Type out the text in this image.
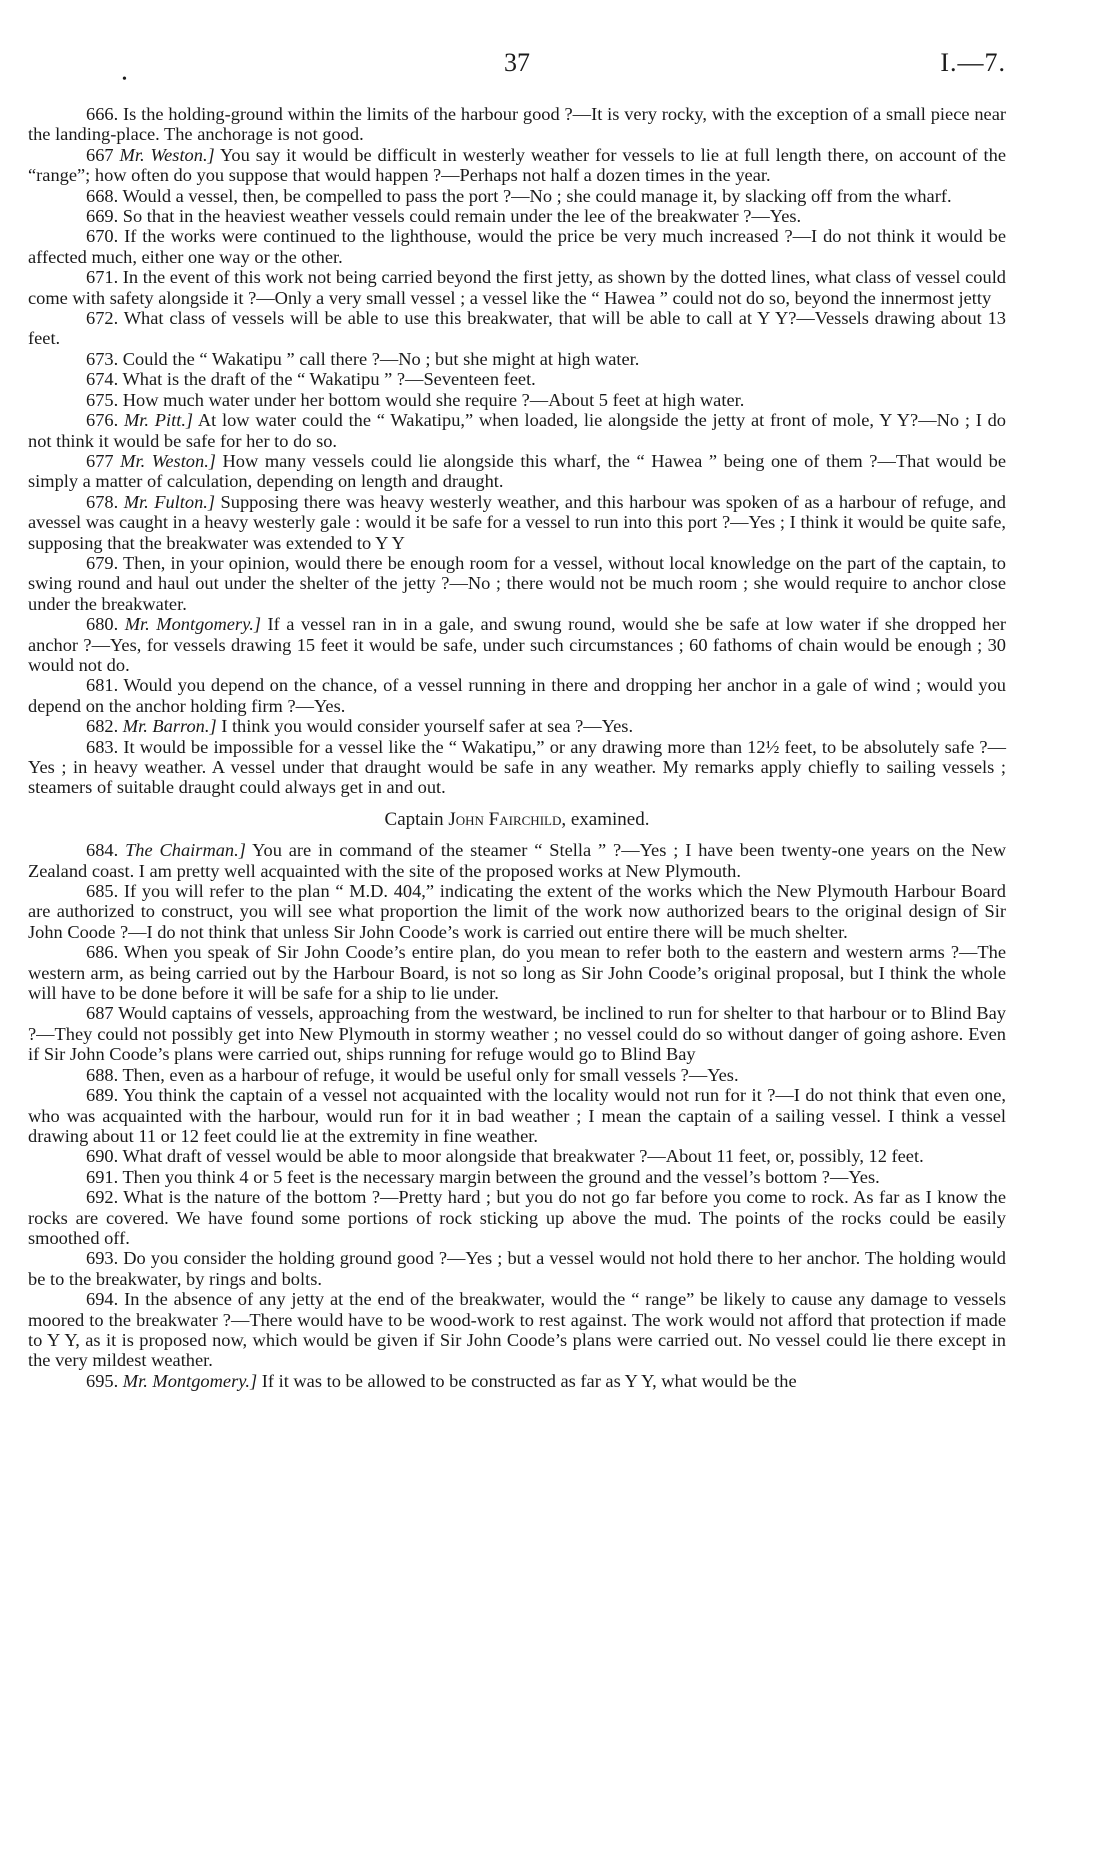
•
37	I.—7.

666. Is the holding-ground within the limits of the harbour good ?—It is very rocky, with the exception of a small piece near the landing-place. The anchorage is not good.

667 Mr. Weston.] You say it would be difficult in westerly weather for vessels to lie at full length there, on account of the “range”; how often do you suppose that would happen ?—Perhaps not half a dozen times in the year.

668. Would a vessel, then, be compelled to pass the port ?—No ; she could manage it, by slacking off from the wharf.

669. So that in the heaviest weather vessels could remain under the lee of the breakwater ?—Yes.

670. If the works were continued to the lighthouse, would the price be very much increased ?—I do not think it would be affected much, either one way or the other.

671. In the event of this work not being carried beyond the first jetty, as shown by the dotted lines, what class of vessel could come with safety alongside it ?—Only a very small vessel ; a vessel like the “ Hawea ” could not do so, beyond the innermost jetty

672. What class of vessels will be able to use this breakwater, that will be able to call at Y Y?—Vessels drawing about 13 feet.

673. Could the “ Wakatipu ” call there ?—No ; but she might at high water.

674. What is the draft of the “ Wakatipu ” ?—Seventeen feet.

675. How much water under her bottom would she require ?—About 5 feet at high water.

676. Mr. Pitt.] At low water could the “ Wakatipu,” when loaded, lie alongside the jetty at front of mole, Y Y?—No ; I do not think it would be safe for her to do so.

677 Mr. Weston.] How many vessels could lie alongside this wharf, the “ Hawea ” being one of them ?—That would be simply a matter of calculation, depending on length and draught.

678. Mr. Fulton.] Supposing there was heavy westerly weather, and this harbour was spoken of as a harbour of refuge, and avessel was caught in a heavy westerly gale : would it be safe for a vessel to run into this port ?—Yes ; I think it would be quite safe, supposing that the breakwater was extended to Y Y

679. Then, in your opinion, would there be enough room for a vessel, without local knowledge on the part of the captain, to swing round and haul out under the shelter of the jetty ?—No ; there would not be much room ; she would require to anchor close under the breakwater.

680. Mr. Montgomery.] If a vessel ran in in a gale, and swung round, would she be safe at low water if she dropped her anchor ?—Yes, for vessels drawing 15 feet it would be safe, under such circumstances ; 60 fathoms of chain would be enough ; 30 would not do.

681. Would you depend on the chance, of a vessel running in there and dropping her anchor in a gale of wind ; would you depend on the anchor holding firm ?—Yes.

682. Mr. Barron.] I think you would consider yourself safer at sea ?—Yes.

683. It would be impossible for a vessel like the “ Wakatipu,” or any drawing more than 12½ feet, to be absolutely safe ?—Yes ; in heavy weather. A vessel under that draught would be safe in any weather. My remarks apply chiefly to sailing vessels ; steamers of suitable draught could always get in and out.

Captain John Fairchild, examined.

684. The Chairman.] You are in command of the steamer “ Stella ” ?—Yes ; I have been twenty-one years on the New Zealand coast. I am pretty well acquainted with the site of the proposed works at New Plymouth.

685. If you will refer to the plan “ M.D. 404,” indicating the extent of the works which the New Plymouth Harbour Board are authorized to construct, you will see what proportion the limit of the work now authorized bears to the original design of Sir John Coode ?—I do not think that unless Sir John Coode’s work is carried out entire there will be much shelter.

686. When you speak of Sir John Coode’s entire plan, do you mean to refer both to the eastern and western arms ?—The western arm, as being carried out by the Harbour Board, is not so long as Sir John Coode’s original proposal, but I think the whole will have to be done before it will be safe for a ship to lie under.

687 Would captains of vessels, approaching from the westward, be inclined to run for shelter to that harbour or to Blind Bay ?—They could not possibly get into New Plymouth in stormy weather ; no vessel could do so without danger of going ashore. Even if Sir John Coode’s plans were carried out, ships running for refuge would go to Blind Bay

688. Then, even as a harbour of refuge, it would be useful only for small vessels ?—Yes.

689. You think the captain of a vessel not acquainted with the locality would not run for it ?—I do not think that even one, who was acquainted with the harbour, would run for it in bad weather ; I mean the captain of a sailing vessel. I think a vessel drawing about 11 or 12 feet could lie at the extremity in fine weather.

690. What draft of vessel would be able to moor alongside that breakwater ?—About 11 feet, or, possibly, 12 feet.

691. Then you think 4 or 5 feet is the necessary margin between the ground and the vessel’s bottom ?—Yes.

692. What is the nature of the bottom ?—Pretty hard ; but you do not go far before you come to rock. As far as I know the rocks are covered. We have found some portions of rock sticking up above the mud. The points of the rocks could be easily smoothed off.

693. Do you consider the holding ground good ?—Yes ; but a vessel would not hold there to her anchor. The holding would be to the breakwater, by rings and bolts.

694. In the absence of any jetty at the end of the breakwater, would the “ range” be likely to cause any damage to vessels moored to the breakwater ?—There would have to be wood-work to rest against. The work would not afford that protection if made to Y Y, as it is proposed now, which would be given if Sir John Coode’s plans were carried out. No vessel could lie there except in the very mildest weather.

695. Mr. Montgomery.] If it was to be allowed to be constructed as far as Y Y, what would be the
